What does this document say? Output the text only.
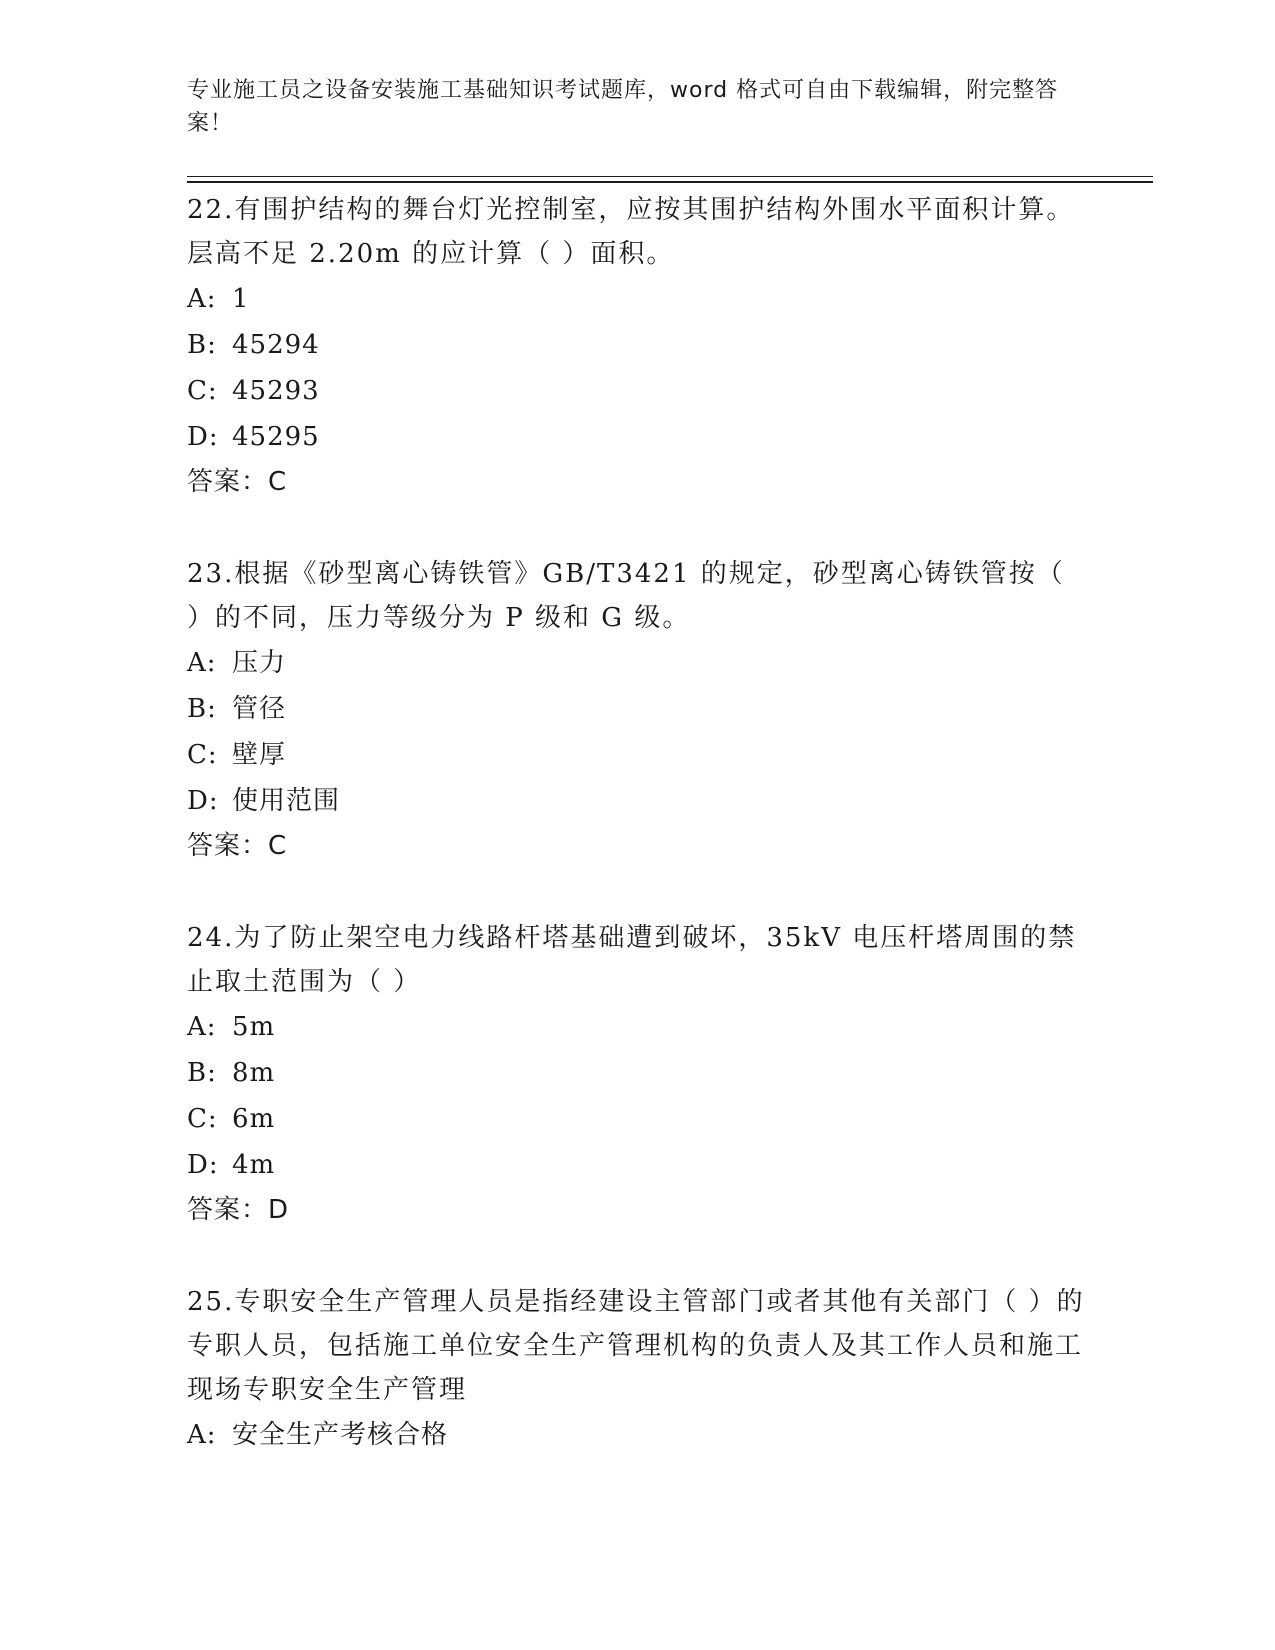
专业施工员之设备安装施工基础知识考试题库，word 格式可自由下载编辑，附完整答案！
22.有围护结构的舞台灯光控制室，应按其围护结构外围水平面积计算。层高不足 2.20m 的应计算（ ）面积。
A: 1
B: 45294
C: 45293
D: 45295
答案：C
23.根据《砂型离心铸铁管》GB/T3421 的规定，砂型离心铸铁管按（ ）的不同，压力等级分为 P 级和 G 级。
A: 压力
B: 管径
C: 壁厚
D: 使用范围
答案：C
24.为了防止架空电力线路杆塔基础遭到破坏，35kV 电压杆塔周围的禁止取土范围为（ ）
A: 5m
B: 8m
C: 6m
D: 4m
答案：D
25.专职安全生产管理人员是指经建设主管部门或者其他有关部门（ ）的专职人员，包括施工单位安全生产管理机构的负责人及其工作人员和施工现场专职安全生产管理
A: 安全生产考核合格
